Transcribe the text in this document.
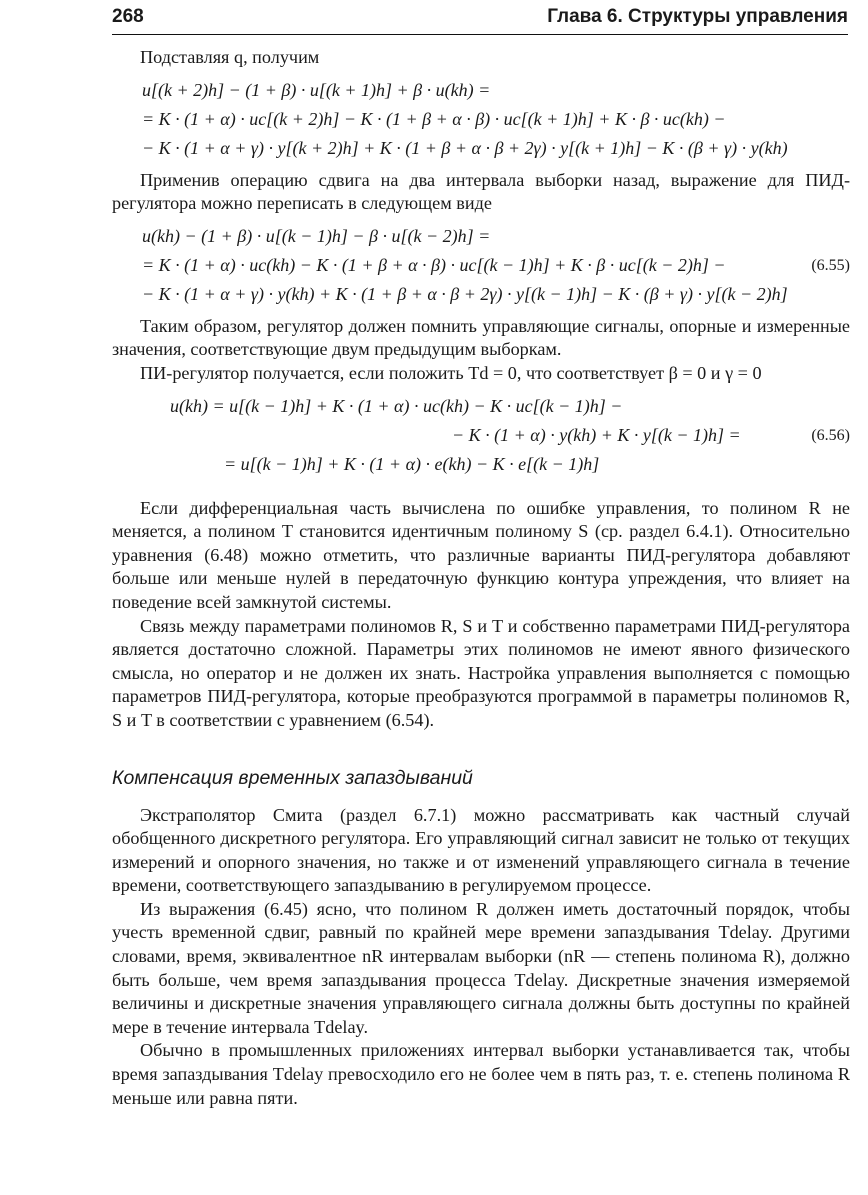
268	Глава 6. Структуры управления

Подставляя q, получим

u[(k + 2)h] − (1 + β) · u[(k + 1)h] + β · u(kh) =
= K · (1 + α) · uc[(k + 2)h] − K · (1 + β + α · β) · uc[(k + 1)h] + K · β · uc(kh) −
− K · (1 + α + γ) · y[(k + 2)h] + K · (1 + β + α · β + 2γ) · y[(k + 1)h] − K · (β + γ) · y(kh)

Применив операцию сдвига на два интервала выборки назад, выражение для ПИД-регулятора можно переписать в следующем виде

u(kh) − (1 + β) · u[(k − 1)h] − β · u[(k − 2)h] =
= K · (1 + α) · uc(kh) − K · (1 + β + α · β) · uc[(k − 1)h] + K · β · uc[(k − 2)h] −	(6.55)
− K · (1 + α + γ) · y(kh) + K · (1 + β + α · β + 2γ) · y[(k − 1)h] − K · (β + γ) · y[(k − 2)h]

Таким образом, регулятор должен помнить управляющие сигналы, опорные и измеренные значения, соответствующие двум предыдущим выборкам.

ПИ-регулятор получается, если положить Td = 0, что соответствует β = 0 и γ = 0

u(kh) = u[(k − 1)h] + K · (1 + α) · uc(kh) − K · uc[(k − 1)h] −
− K · (1 + α) · y(kh) + K · y[(k − 1)h] =	(6.56)
= u[(k − 1)h] + K · (1 + α) · e(kh) − K · e[(k − 1)h]

Если дифференциальная часть вычислена по ошибке управления, то полином R не меняется, а полином T становится идентичным полиному S (ср. раздел 6.4.1). Относительно уравнения (6.48) можно отметить, что различные варианты ПИД-регулятора добавляют больше или меньше нулей в передаточную функцию контура упреждения, что влияет на поведение всей замкнутой системы.

Связь между параметрами полиномов R, S и T и собственно параметрами ПИД-регулятора является достаточно сложной. Параметры этих полиномов не имеют явного физического смысла, но оператор и не должен их знать. Настройка управления выполняется с помощью параметров ПИД-регулятора, которые преобразуются программой в параметры полиномов R, S и T в соответствии с уравнением (6.54).

Компенсация временных запаздываний

Экстраполятор Смита (раздел 6.7.1) можно рассматривать как частный случай обобщенного дискретного регулятора. Его управляющий сигнал зависит не только от текущих измерений и опорного значения, но также и от изменений управляющего сигнала в течение времени, соответствующего запаздыванию в регулируемом процессе.

Из выражения (6.45) ясно, что полином R должен иметь достаточный порядок, чтобы учесть временной сдвиг, равный по крайней мере времени запаздывания Tdelay. Другими словами, время, эквивалентное nR интервалам выборки (nR — степень полинома R), должно быть больше, чем время запаздывания процесса Tdelay. Дискретные значения измеряемой величины и дискретные значения управляющего сигнала должны быть доступны по крайней мере в течение интервала Tdelay.

Обычно в промышленных приложениях интервал выборки устанавливается так, чтобы время запаздывания Tdelay превосходило его не более чем в пять раз, т. е. степень полинома R меньше или равна пяти.
